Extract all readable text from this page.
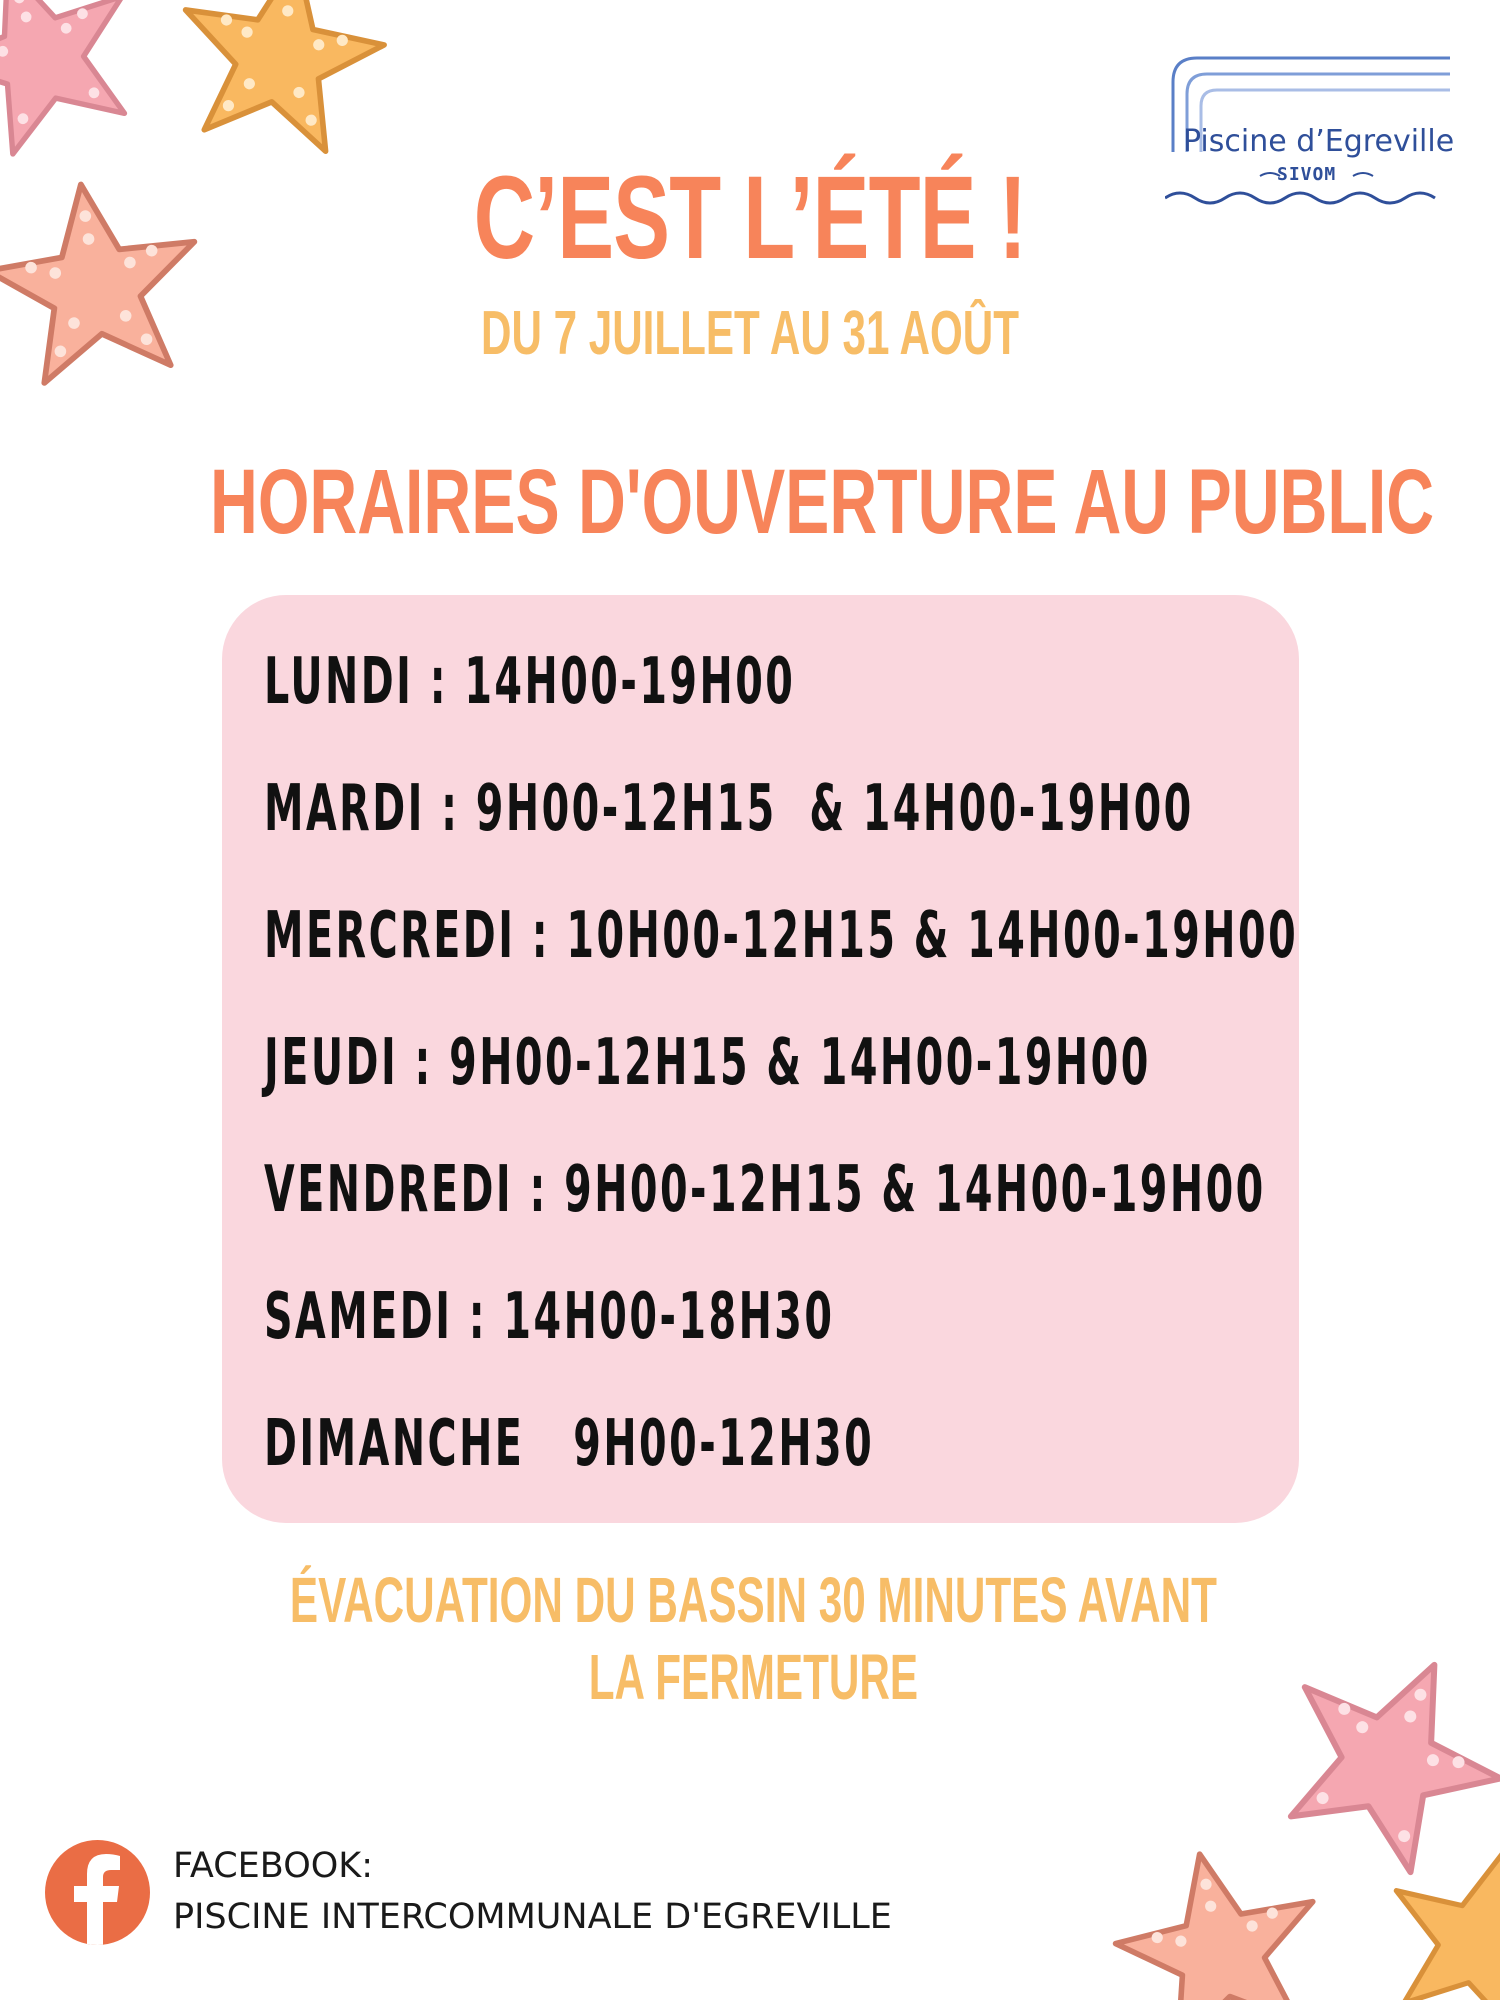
Piscine d’Egreville
SIVOM
C’EST L’ÉTÉ !
DU 7 JUILLET AU 31 AOÛT
HORAIRES D'OUVERTURE AU PUBLIC
LUNDI : 14H00-19H00
MARDI : 9H00-12H15  & 14H00-19H00
MERCREDI : 10H00-12H15 & 14H00-19H00
JEUDI : 9H00-12H15 & 14H00-19H00
VENDREDI : 9H00-12H15 & 14H00-19H00
SAMEDI : 14H00-18H30
DIMANCHE   9H00-12H30
ÉVACUATION DU BASSIN 30 MINUTES AVANT
LA FERMETURE
FACEBOOK:
PISCINE INTERCOMMUNALE D'EGREVILLE
